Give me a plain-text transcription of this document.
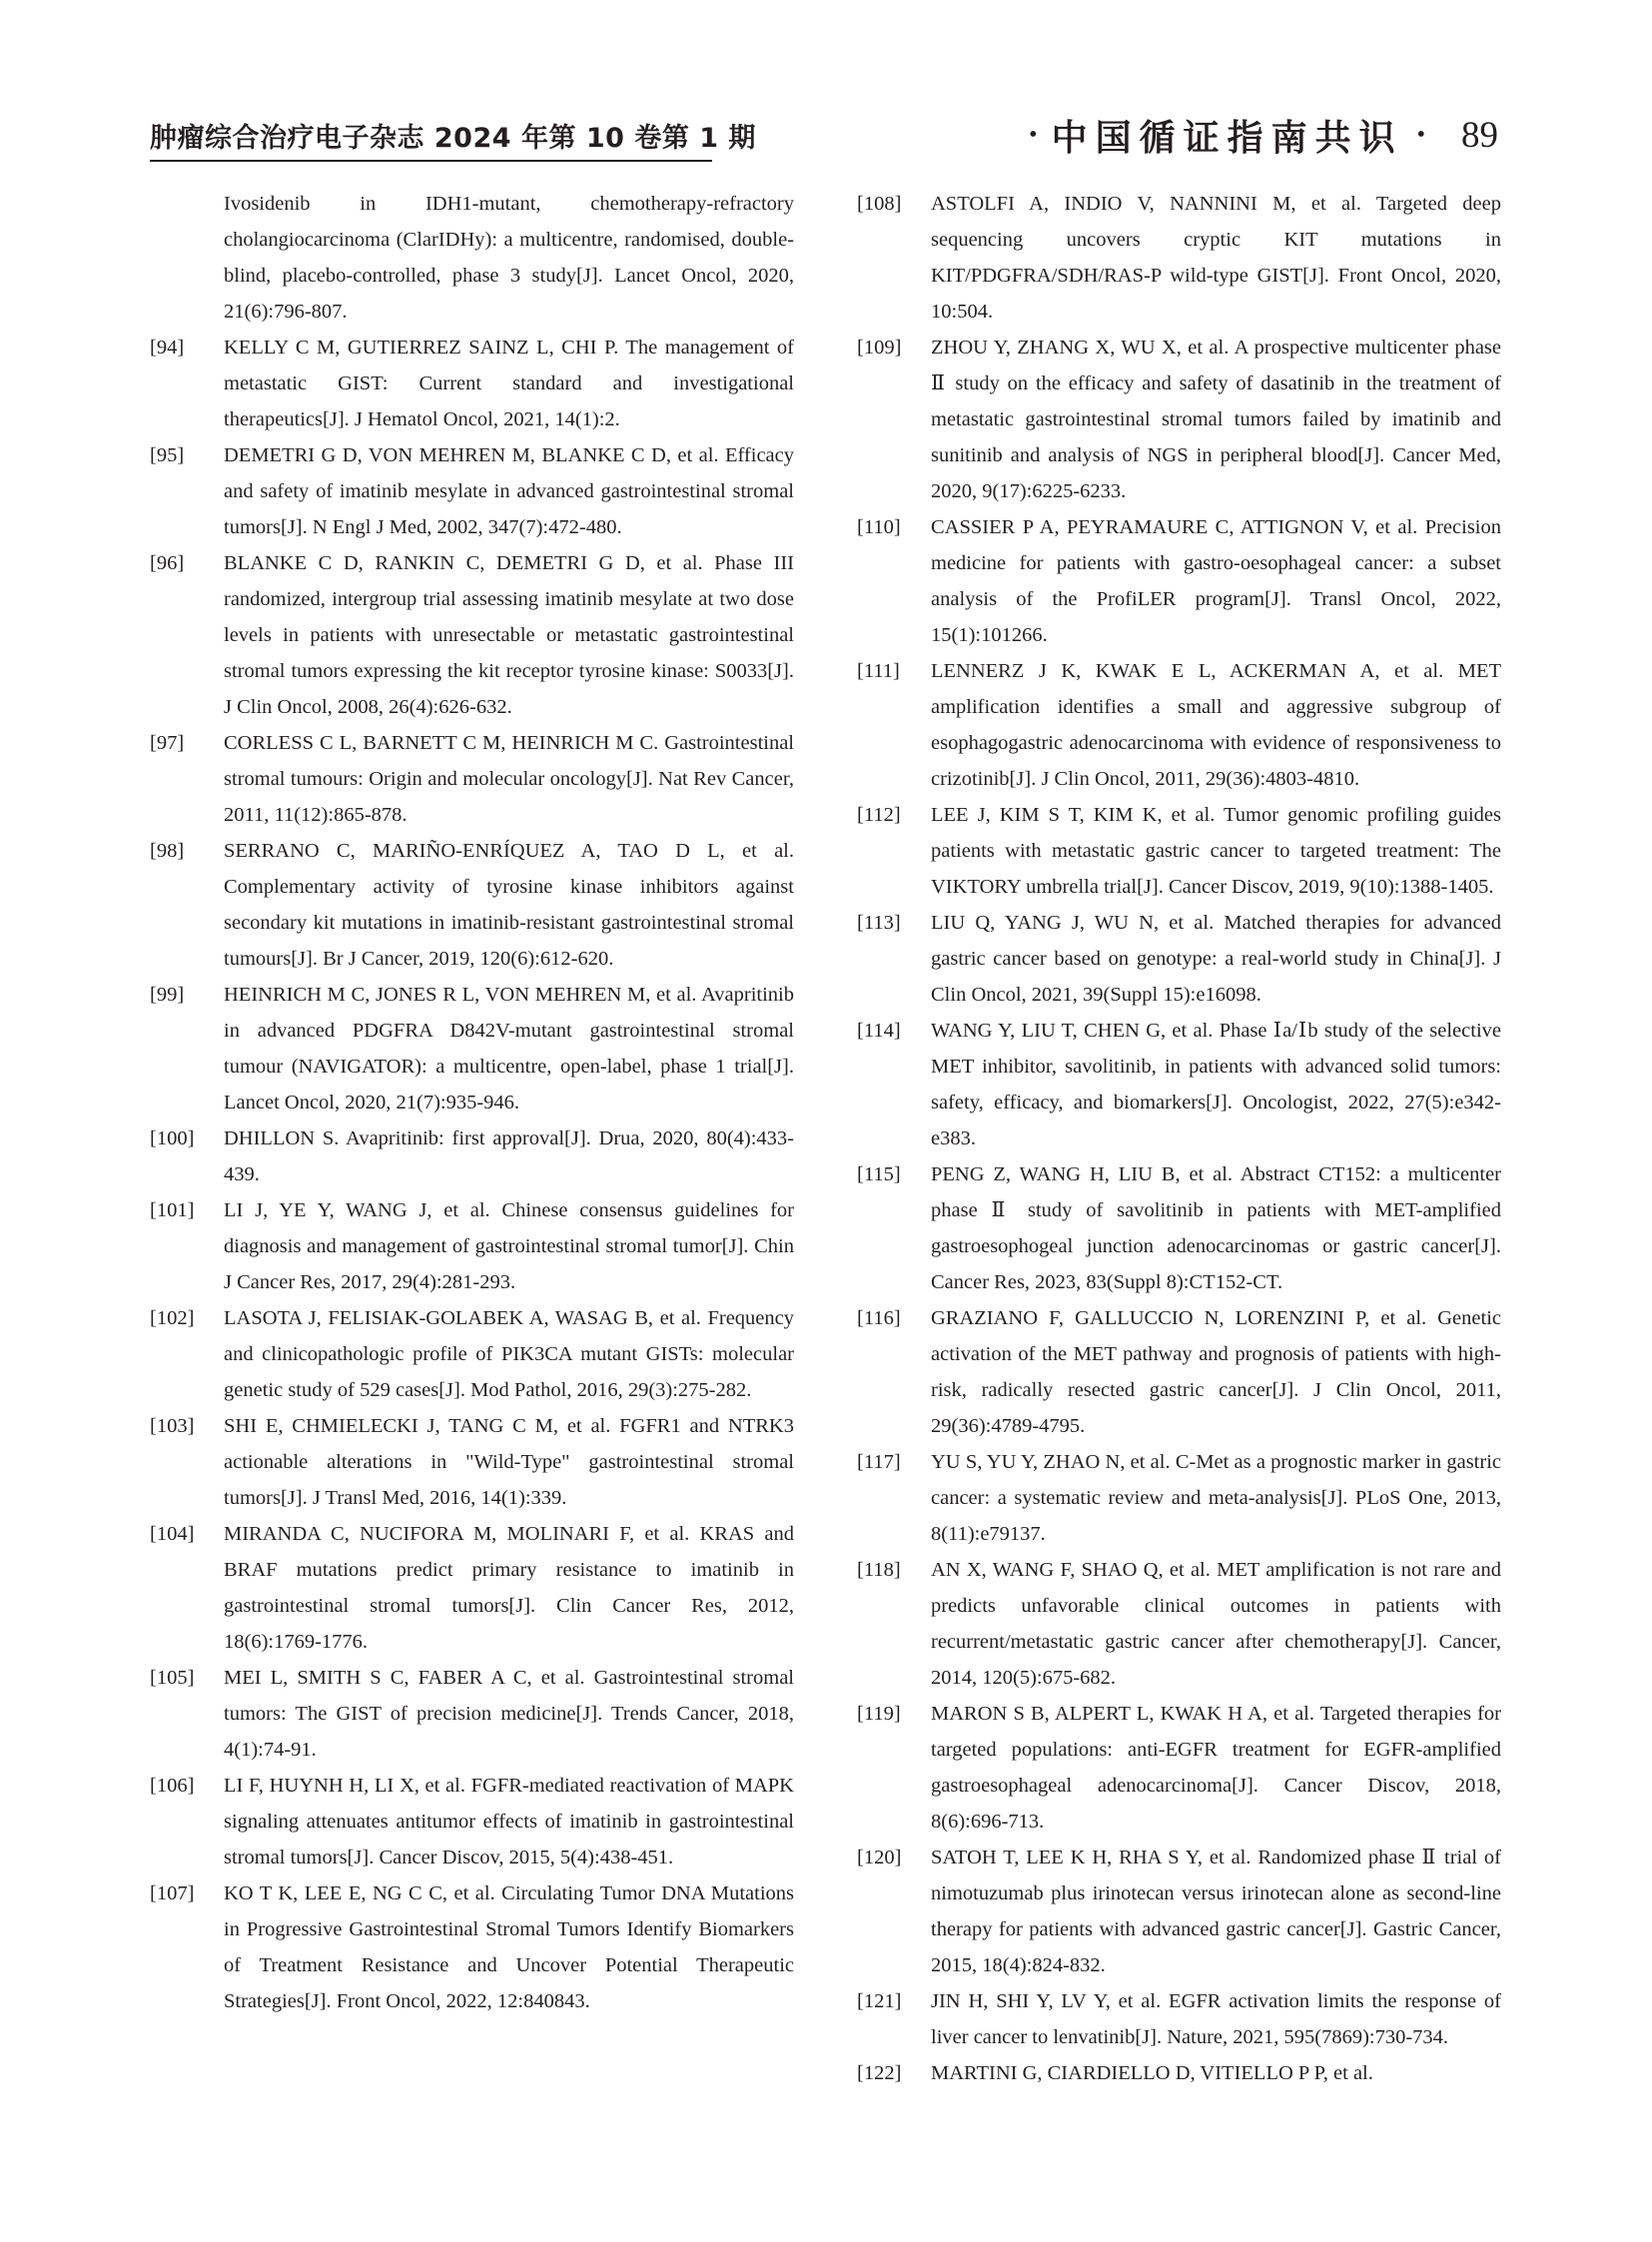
肿瘤综合治疗电子杂志 2024 年第 10 卷第 1 期	• 中国循证指南共识 • 89
Ivosidenib in IDH1-mutant, chemotherapy-refractory cholangiocarcinoma (ClarIDHy): a multicentre, randomised, double-blind, placebo-controlled, phase 3 study[J]. Lancet Oncol, 2020, 21(6):796-807.
[94]	KELLY C M, GUTIERREZ SAINZ L, CHI P. The management of metastatic GIST: Current standard and investigational therapeutics[J]. J Hematol Oncol, 2021, 14(1):2.
[95]	DEMETRI G D, VON MEHREN M, BLANKE C D, et al. Efficacy and safety of imatinib mesylate in advanced gastrointestinal stromal tumors[J]. N Engl J Med, 2002, 347(7):472-480.
[96]	BLANKE C D, RANKIN C, DEMETRI G D, et al. Phase III randomized, intergroup trial assessing imatinib mesylate at two dose levels in patients with unresectable or metastatic gastrointestinal stromal tumors expressing the kit receptor tyrosine kinase: S0033[J]. J Clin Oncol, 2008, 26(4):626-632.
[97]	CORLESS C L, BARNETT C M, HEINRICH M C. Gastrointestinal stromal tumours: Origin and molecular oncology[J]. Nat Rev Cancer, 2011, 11(12):865-878.
[98]	SERRANO C, MARIÑO-ENRÍQUEZ A, TAO D L, et al. Complementary activity of tyrosine kinase inhibitors against secondary kit mutations in imatinib-resistant gastrointestinal stromal tumours[J]. Br J Cancer, 2019, 120(6):612-620.
[99]	HEINRICH M C, JONES R L, VON MEHREN M, et al. Avapritinib in advanced PDGFRA D842V-mutant gastrointestinal stromal tumour (NAVIGATOR): a multicentre, open-label, phase 1 trial[J]. Lancet Oncol, 2020, 21(7):935-946.
[100]	DHILLON S. Avapritinib: first approval[J]. Drua, 2020, 80(4):433-439.
[101]	LI J, YE Y, WANG J, et al. Chinese consensus guidelines for diagnosis and management of gastrointestinal stromal tumor[J]. Chin J Cancer Res, 2017, 29(4):281-293.
[102]	LASOTA J, FELISIAK-GOLABEK A, WASAG B, et al. Frequency and clinicopathologic profile of PIK3CA mutant GISTs: molecular genetic study of 529 cases[J]. Mod Pathol, 2016, 29(3):275-282.
[103]	SHI E, CHMIELECKI J, TANG C M, et al. FGFR1 and NTRK3 actionable alterations in "Wild-Type" gastrointestinal stromal tumors[J]. J Transl Med, 2016, 14(1):339.
[104]	MIRANDA C, NUCIFORA M, MOLINARI F, et al. KRAS and BRAF mutations predict primary resistance to imatinib in gastrointestinal stromal tumors[J]. Clin Cancer Res, 2012, 18(6):1769-1776.
[105]	MEI L, SMITH S C, FABER A C, et al. Gastrointestinal stromal tumors: The GIST of precision medicine[J]. Trends Cancer, 2018, 4(1):74-91.
[106]	LI F, HUYNH H, LI X, et al. FGFR-mediated reactivation of MAPK signaling attenuates antitumor effects of imatinib in gastrointestinal stromal tumors[J]. Cancer Discov, 2015, 5(4):438-451.
[107]	KO T K, LEE E, NG C C, et al. Circulating Tumor DNA Mutations in Progressive Gastrointestinal Stromal Tumors Identify Biomarkers of Treatment Resistance and Uncover Potential Therapeutic Strategies[J]. Front Oncol, 2022, 12:840843.
[108]	ASTOLFI A, INDIO V, NANNINI M, et al. Targeted deep sequencing uncovers cryptic KIT mutations in KIT/PDGFRA/SDH/RAS-P wild-type GIST[J]. Front Oncol, 2020, 10:504.
[109]	ZHOU Y, ZHANG X, WU X, et al. A prospective multicenter phase Ⅱ study on the efficacy and safety of dasatinib in the treatment of metastatic gastrointestinal stromal tumors failed by imatinib and sunitinib and analysis of NGS in peripheral blood[J]. Cancer Med, 2020, 9(17):6225-6233.
[110]	CASSIER P A, PEYRAMAURE C, ATTIGNON V, et al. Precision medicine for patients with gastro-oesophageal cancer: a subset analysis of the ProfiLER program[J]. Transl Oncol, 2022, 15(1):101266.
[111]	LENNERZ J K, KWAK E L, ACKERMAN A, et al. MET amplification identifies a small and aggressive subgroup of esophagogastric adenocarcinoma with evidence of responsiveness to crizotinib[J]. J Clin Oncol, 2011, 29(36):4803-4810.
[112]	LEE J, KIM S T, KIM K, et al. Tumor genomic profiling guides patients with metastatic gastric cancer to targeted treatment: The VIKTORY umbrella trial[J]. Cancer Discov, 2019, 9(10):1388-1405.
[113]	LIU Q, YANG J, WU N, et al. Matched therapies for advanced gastric cancer based on genotype: a real-world study in China[J]. J Clin Oncol, 2021, 39(Suppl 15):e16098.
[114]	WANG Y, LIU T, CHEN G, et al. Phase Ⅰa/Ⅰb study of the selective MET inhibitor, savolitinib, in patients with advanced solid tumors: safety, efficacy, and biomarkers[J]. Oncologist, 2022, 27(5):e342-e383.
[115]	PENG Z, WANG H, LIU B, et al. Abstract CT152: a multicenter phase Ⅱ study of savolitinib in patients with MET-amplified gastroesophogeal junction adenocarcinomas or gastric cancer[J]. Cancer Res, 2023, 83(Suppl 8):CT152-CT.
[116]	GRAZIANO F, GALLUCCIO N, LORENZINI P, et al. Genetic activation of the MET pathway and prognosis of patients with high-risk, radically resected gastric cancer[J]. J Clin Oncol, 2011, 29(36):4789-4795.
[117]	YU S, YU Y, ZHAO N, et al. C-Met as a prognostic marker in gastric cancer: a systematic review and meta-analysis[J]. PLoS One, 2013, 8(11):e79137.
[118]	AN X, WANG F, SHAO Q, et al. MET amplification is not rare and predicts unfavorable clinical outcomes in patients with recurrent/metastatic gastric cancer after chemotherapy[J]. Cancer, 2014, 120(5):675-682.
[119]	MARON S B, ALPERT L, KWAK H A, et al. Targeted therapies for targeted populations: anti-EGFR treatment for EGFR-amplified gastroesophageal adenocarcinoma[J]. Cancer Discov, 2018, 8(6):696-713.
[120]	SATOH T, LEE K H, RHA S Y, et al. Randomized phase Ⅱ trial of nimotuzumab plus irinotecan versus irinotecan alone as second-line therapy for patients with advanced gastric cancer[J]. Gastric Cancer, 2015, 18(4):824-832.
[121]	JIN H, SHI Y, LV Y, et al. EGFR activation limits the response of liver cancer to lenvatinib[J]. Nature, 2021, 595(7869):730-734.
[122]	MARTINI G, CIARDIELLO D, VITIELLO P P, et al.
